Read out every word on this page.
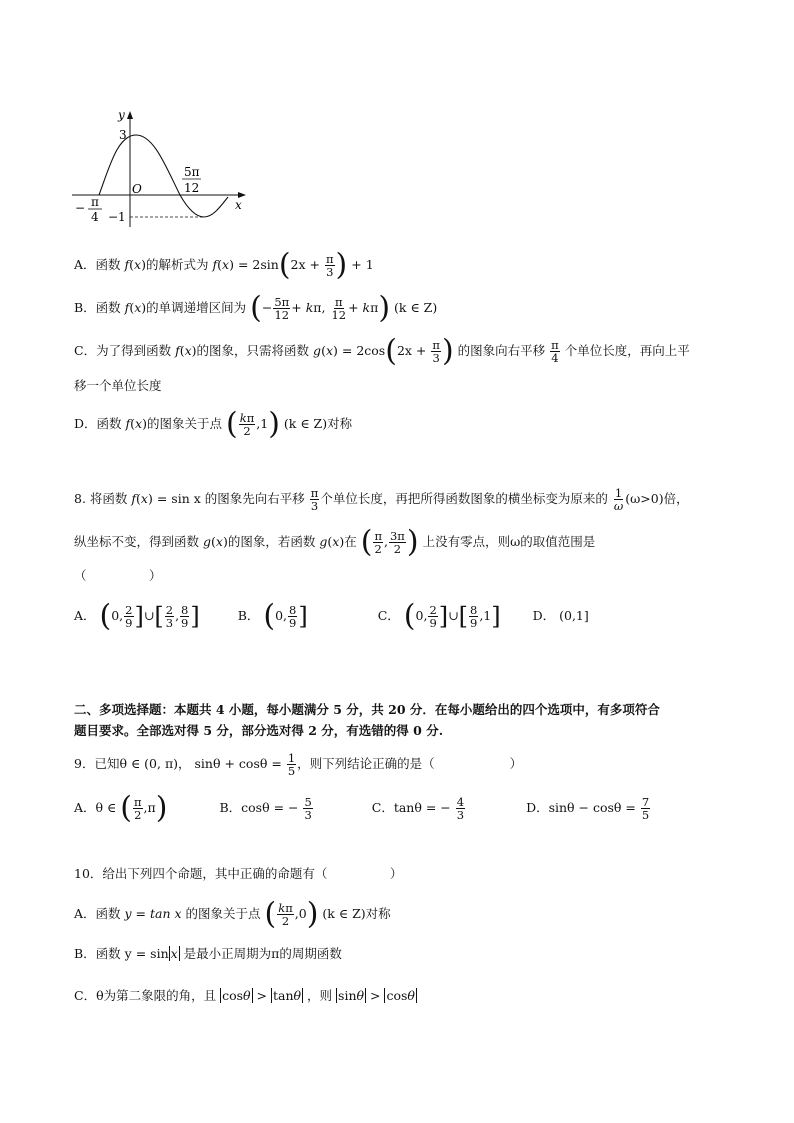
y
x
O
3
−1
− π
4
5π
12
A．函数 f(x)的解析式为 $f(x) = 2\sin(2x + \frac{\pi}{3}$ ) + 1
B．函数 f(x)的单调递增区间为 (− $\frac{5\pi}{12} + k\pi$, $\frac{\pi}{12} + k\pi$) (k ∈ Z)
C．为了得到函数 f(x)的图象，只需将函数 $g(x) = 2\cos(2x + \frac{\pi}{3}$ ) 的图象向右平移 $\frac{\pi}{4}$ 个单位长度，再向上平
移一个单位长度
D．函数 f(x)的图象关于点 ( $\frac{k\pi}{2} ,1$) (k ∈ Z)对称
8. 将函数 f(x) = sin x 的图象先向右平移 $\frac{\pi}{3}$ 个单位长度，再把所得函数图象的横坐标变为原来的 $\frac{1}{\omega} (\omega>0)$倍，
纵坐标不变，得到函数 g(x)的图象，若函数 g(x)在 ( $\frac{\pi}{2}$ , $\frac{3\pi}{2}$ ) 上没有零点，则ω的取值范围是
（　　　　　）
A． (0, $\frac{2}{9}$ ]∪[ $\frac{2}{3}$ , $\frac{8}{9}$ ]	B． (0, $\frac{8}{9}$ ]	C． (0, $\frac{2}{9}$ ]∪[ $\frac{8}{9} ,1$]	D． (0,1]
二、多项选择题：本题共 4 小题，每小题满分 5 分，共 20 分．在每小题给出的四个选项中，有多项符合
题目要求。全部选对得 5 分，部分选对得 2 分，有选错的得 0 分.
9．已知θ ∈ (0, π)， $\sin\theta + \cos\theta = \frac{1}{5}$ ，则下列结论正确的是（　　　　　　）
A．θ ∈ ( $\frac{\pi}{2} ,\pi$)	B．cosθ = − $\frac{5}{3}$	C．tanθ = − $\frac{4}{3}$	D．$\sin\theta - \cos\theta = \frac{7}{5}$
10．给出下列四个命题，其中正确的命题有（　　　　　）
A．函数 y = tan x 的图象关于点 ( $\frac{k\pi}{2} ,0$) (k ∈ Z)对称
B．函数 y = sin x 是最小正周期为π的周期函数
C．θ为第二象限的角，且 cosθ > tanθ ，则 sinθ > cosθ
